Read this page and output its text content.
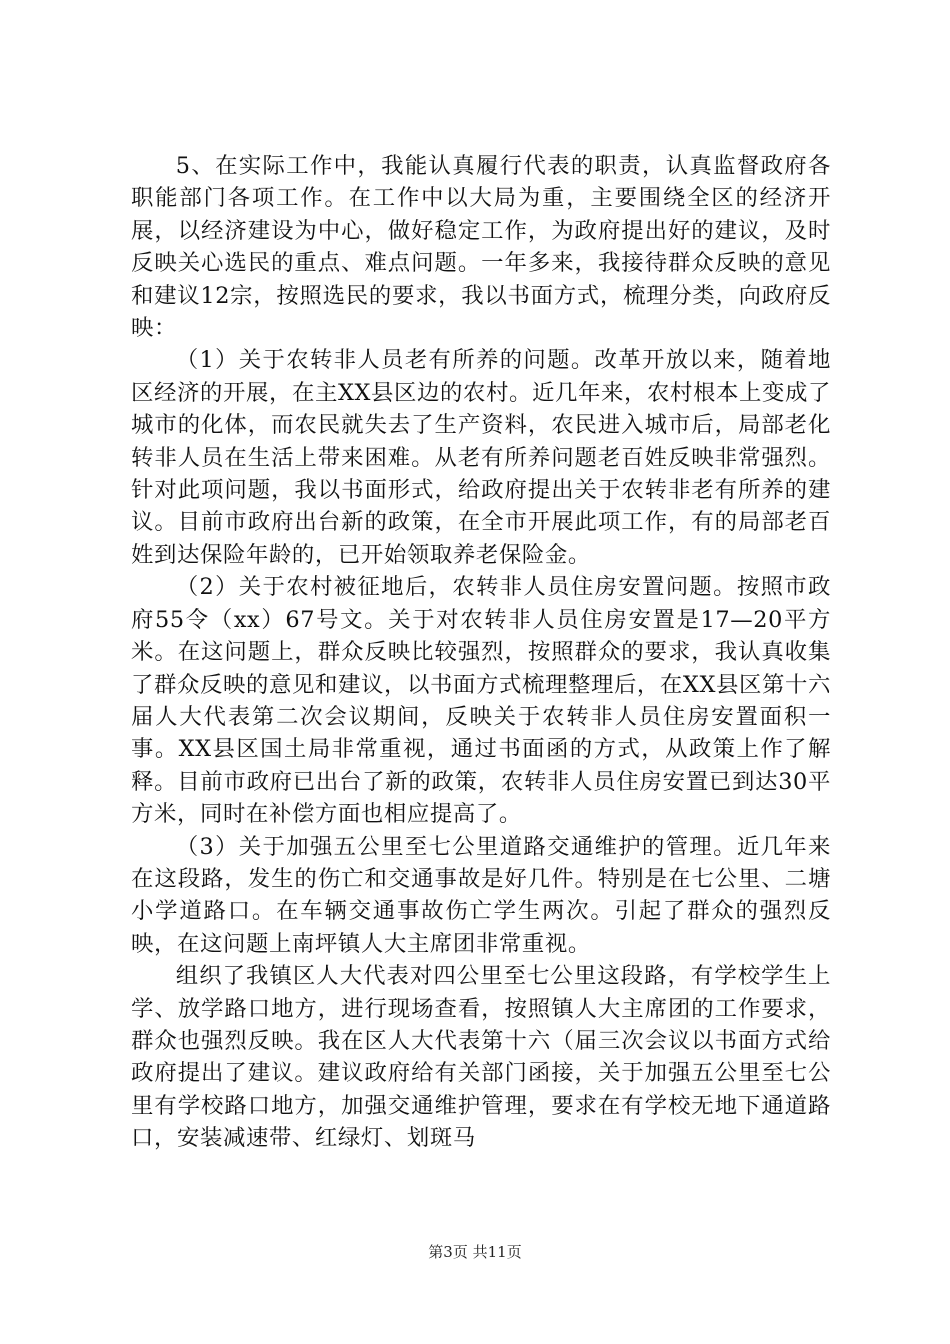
5、在实际工作中，我能认真履行代表的职责，认真监督政府各职能部门各项工作。在工作中以大局为重，主要围绕全区的经济开展，以经济建设为中心，做好稳定工作，为政府提出好的建议，及时反映关心选民的重点、难点问题。一年多来，我接待群众反映的意见和建议12宗，按照选民的要求，我以书面方式，梳理分类，向政府反映：

（1）关于农转非人员老有所养的问题。改革开放以来，随着地区经济的开展，在主XX县区边的农村。近几年来，农村根本上变成了城市的化体，而农民就失去了生产资料，农民进入城市后，局部老化转非人员在生活上带来困难。从老有所养问题老百姓反映非常强烈。针对此项问题，我以书面形式，给政府提出关于农转非老有所养的建议。目前市政府出台新的政策，在全市开展此项工作，有的局部老百姓到达保险年龄的，已开始领取养老保险金。

（2）关于农村被征地后，农转非人员住房安置问题。按照市政府55令（xx）67号文。关于对农转非人员住房安置是17—20平方米。在这问题上，群众反映比较强烈，按照群众的要求，我认真收集了群众反映的意见和建议，以书面方式梳理整理后，在XX县区第十六届人大代表第二次会议期间，反映关于农转非人员住房安置面积一事。XX县区国土局非常重视，通过书面函的方式，从政策上作了解释。目前市政府已出台了新的政策，农转非人员住房安置已到达30平方米，同时在补偿方面也相应提高了。

（3）关于加强五公里至七公里道路交通维护的管理。近几年来在这段路，发生的伤亡和交通事故是好几件。特别是在七公里、二塘小学道路口。在车辆交通事故伤亡学生两次。引起了群众的强烈反映，在这问题上南坪镇人大主席团非常重视。

组织了我镇区人大代表对四公里至七公里这段路，有学校学生上学、放学路口地方，进行现场查看，按照镇人大主席团的工作要求，群众也强烈反映。我在区人大代表第十六（届三次会议以书面方式给政府提出了建议。建议政府给有关部门函接，关于加强五公里至七公里有学校路口地方，加强交通维护管理，要求在有学校无地下通道路口，安装减速带、红绿灯、划斑马

第3页 共11页
